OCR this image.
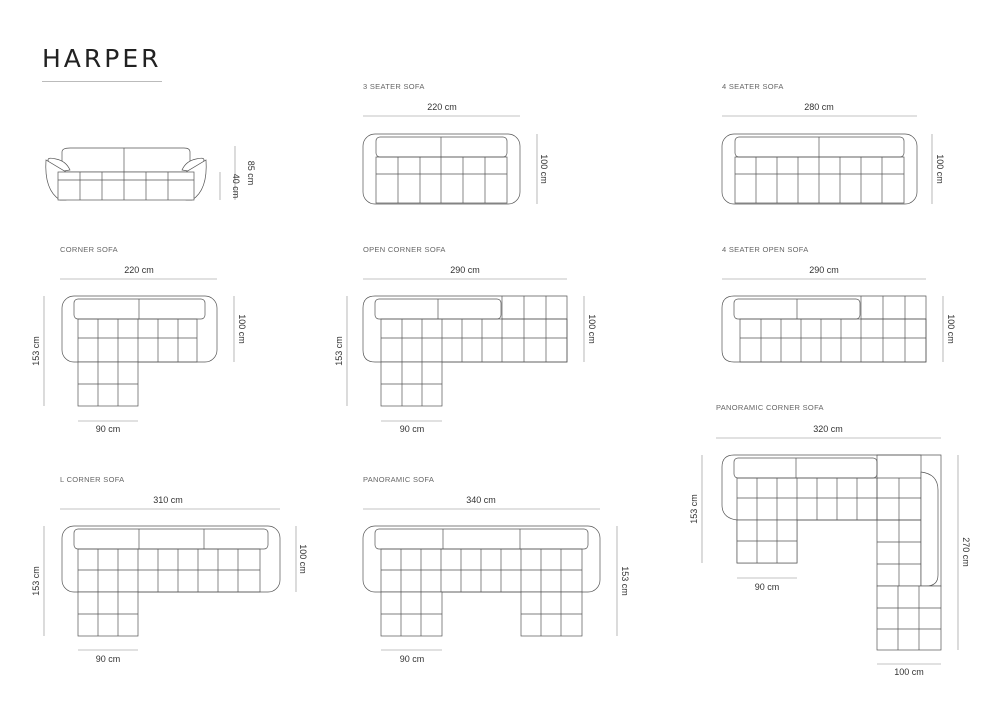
HARPER
85 cm
40 cm
3 SEATER SOFA
220 cm
100 cm
4 SEATER SOFA
280 cm
100 cm
CORNER SOFA
220 cm
100 cm
153 cm
90 cm
OPEN CORNER SOFA
290 cm
100 cm
153 cm
90 cm
4 SEATER OPEN SOFA
290 cm
100 cm
PANORAMIC CORNER SOFA
320 cm
153 cm
270 cm
90 cm
100 cm
L CORNER SOFA
310 cm
100 cm
153 cm
90 cm
PANORAMIC SOFA
340 cm
153 cm
90 cm
